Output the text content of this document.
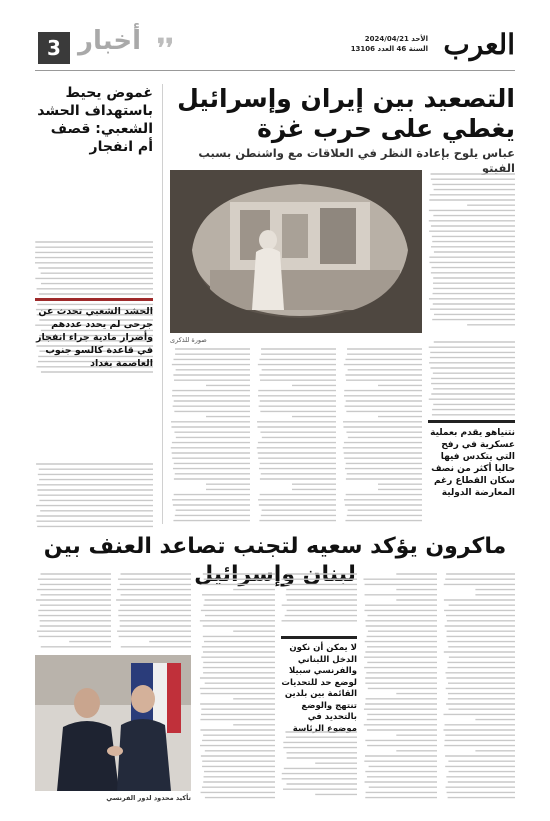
3 أخبار ❜❜	العرب
الأحد 2024/04/21
السنة 46 العدد 13106
غموض يحيط باستهداف الحشد الشعبي: قصف أم انفجار
الحشد الشعبي تحدث عن جرحى لم يحدد عددهم وأضرار مادية جراء انفجار في قاعدة كالسو جنوب العاصمة بغداد
التصعيد بين إيران وإسرائيل يغطي على حرب غزة
عباس يلوح بإعادة النظر في العلاقات مع واشنطن بسبب الفيتو
صورة للذكرى
نتنياهو يقدم بعملية عسكرية في رفح التي يتكدس فيها حاليا أكثر من نصف سكان القطاع رغم المعارضة الدولية
ماكرون يؤكد سعيه لتجنب تصاعد العنف بين لبنان وإسرائيل
لا يمكن أن نكون الدخل اللبناني والفرنسي سبيلا لوضع حد للتحديات القائمة بين بلدين تنتهج والوضع بالتحديد في موضوع الرئاسة
تأكيد محدود لدور الفرنسي
